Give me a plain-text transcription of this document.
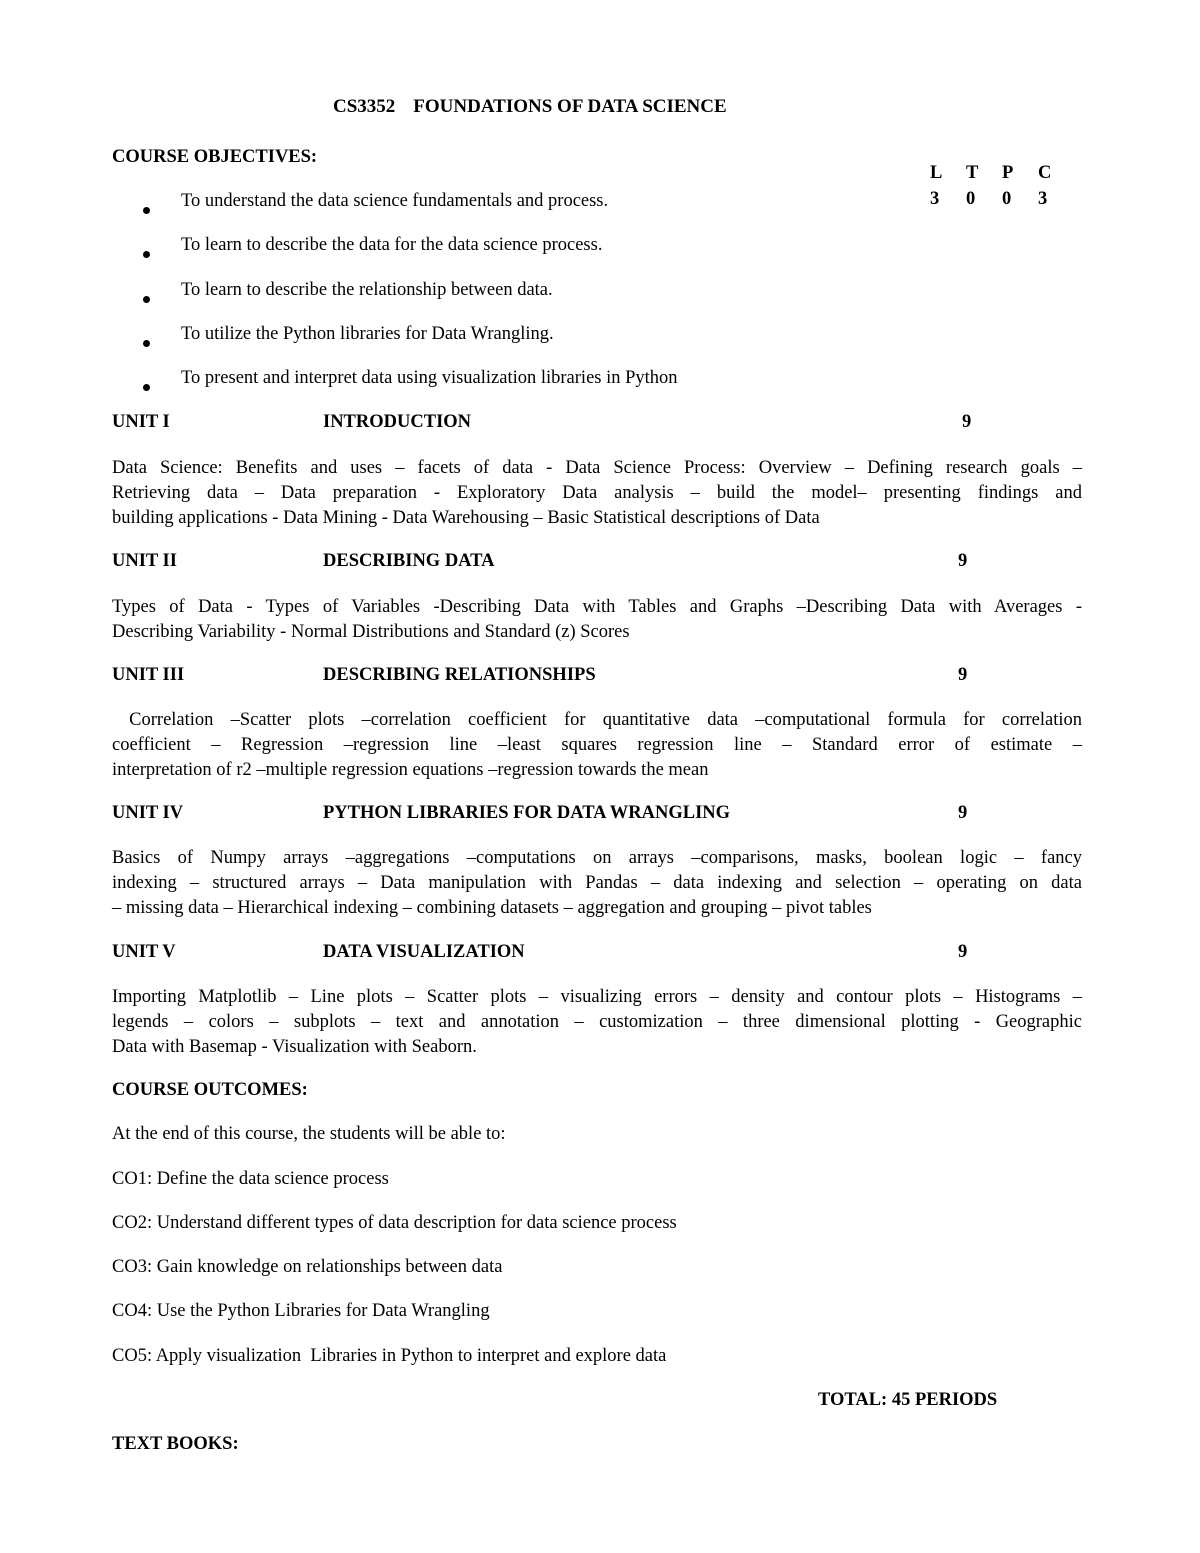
CS3352 FOUNDATIONS OF DATA SCIENCE
COURSE OBJECTIVES:
L T P C
3 0 0 3
To understand the data science fundamentals and process.
To learn to describe the data for the data science process.
To learn to describe the relationship between data.
To utilize the Python libraries for Data Wrangling.
To present and interpret data using visualization libraries in Python
UNIT I	INTRODUCTION	9
Data Science: Benefits and uses – facets of data - Data Science Process: Overview – Defining research goals –
Retrieving data – Data preparation - Exploratory Data analysis – build the model– presenting findings and
building applications - Data Mining - Data Warehousing – Basic Statistical descriptions of Data
UNIT II	DESCRIBING DATA	9
Types of Data - Types of Variables -Describing Data with Tables and Graphs –Describing Data with Averages -
Describing Variability - Normal Distributions and Standard (z) Scores
UNIT III	DESCRIBING RELATIONSHIPS	9
Correlation –Scatter plots –correlation coefficient for quantitative data –computational formula for correlation
coefficient – Regression –regression line –least squares regression line – Standard error of estimate –
interpretation of r2 –multiple regression equations –regression towards the mean
UNIT IV	PYTHON LIBRARIES FOR DATA WRANGLING	9
Basics of Numpy arrays –aggregations –computations on arrays –comparisons, masks, boolean logic – fancy
indexing – structured arrays – Data manipulation with Pandas – data indexing and selection – operating on data
– missing data – Hierarchical indexing – combining datasets – aggregation and grouping – pivot tables
UNIT V	DATA VISUALIZATION	9
Importing Matplotlib – Line plots – Scatter plots – visualizing errors – density and contour plots – Histograms –
legends – colors – subplots – text and annotation – customization – three dimensional plotting - Geographic
Data with Basemap - Visualization with Seaborn.
COURSE OUTCOMES:
At the end of this course, the students will be able to:
CO1: Define the data science process
CO2: Understand different types of data description for data science process
CO3: Gain knowledge on relationships between data
CO4: Use the Python Libraries for Data Wrangling
CO5: Apply visualization  Libraries in Python to interpret and explore data
TOTAL: 45 PERIODS
TEXT BOOKS:
